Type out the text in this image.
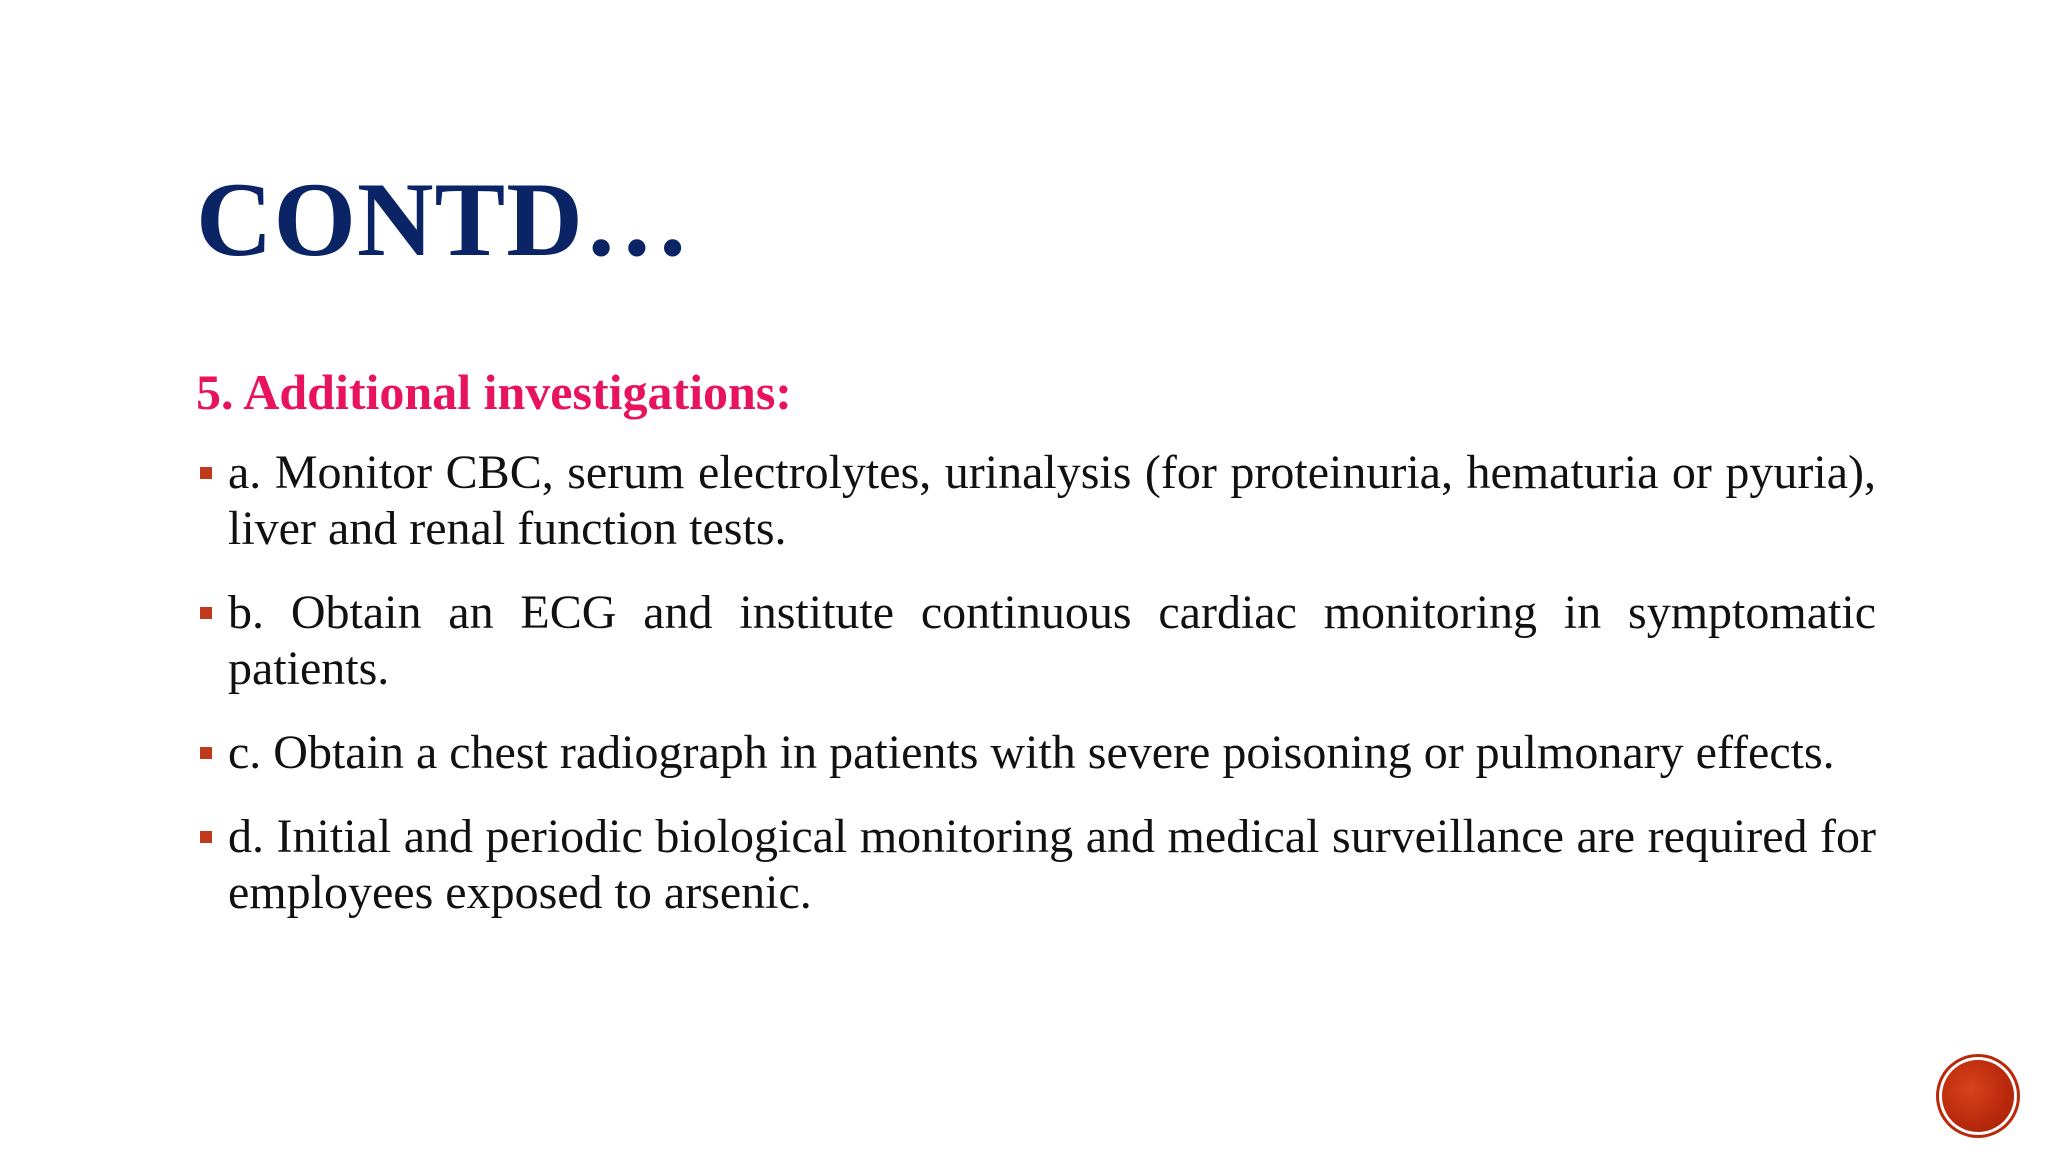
CONTD…
5. Additional investigations:
a. Monitor CBC, serum electrolytes, urinalysis (for proteinuria, hematuria or pyuria), liver and renal function tests.
b. Obtain an ECG and institute continuous cardiac monitoring in symptomatic patients.
c. Obtain a chest radiograph in patients with severe poisoning or pulmonary effects.
d. Initial and periodic biological monitoring and medical surveillance are required for employees exposed to arsenic.
